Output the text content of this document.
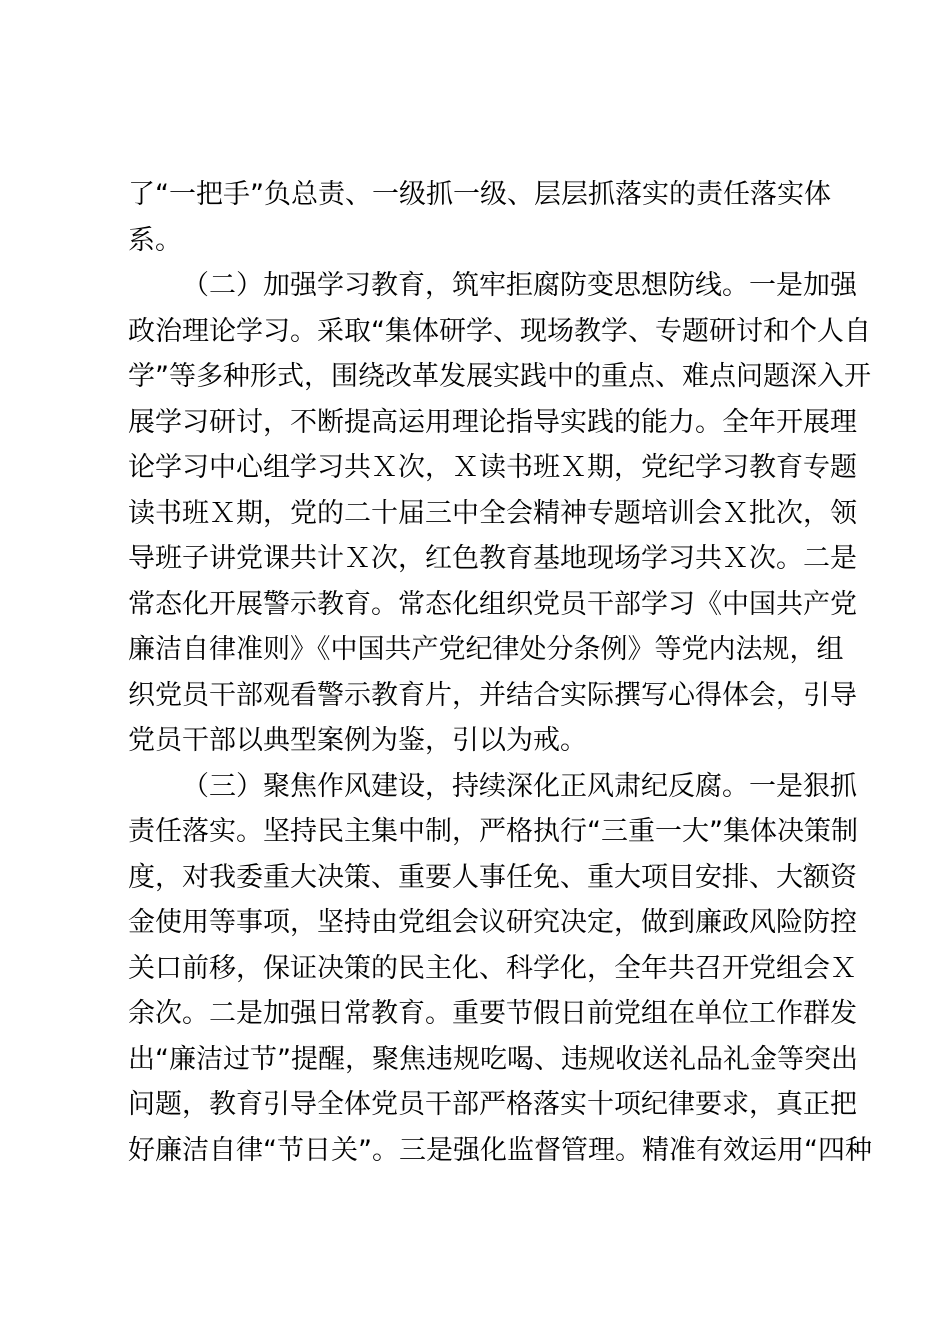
了“一把手”负总责、一级抓一级、层层抓落实的责任落实体
系。
（二）加强学习教育，筑牢拒腐防变思想防线。一是加强
政治理论学习。采取“集体研学、现场教学、专题研讨和个人自
学”等多种形式，围绕改革发展实践中的重点、难点问题深入开
展学习研讨，不断提高运用理论指导实践的能力。全年开展理
论学习中心组学习共Ｘ次，Ｘ读书班Ｘ期，党纪学习教育专题
读书班Ｘ期，党的二十届三中全会精神专题培训会Ｘ批次，领
导班子讲党课共计Ｘ次，红色教育基地现场学习共Ｘ次。二是
常态化开展警示教育。常态化组织党员干部学习《中国共产党
廉洁自律准则》《中国共产党纪律处分条例》等党内法规，组
织党员干部观看警示教育片，并结合实际撰写心得体会，引导
党员干部以典型案例为鉴，引以为戒。
（三）聚焦作风建设，持续深化正风肃纪反腐。一是狠抓
责任落实。坚持民主集中制，严格执行“三重一大”集体决策制
度，对我委重大决策、重要人事任免、重大项目安排、大额资
金使用等事项，坚持由党组会议研究决定，做到廉政风险防控
关口前移，保证决策的民主化、科学化，全年共召开党组会Ｘ
余次。二是加强日常教育。重要节假日前党组在单位工作群发
出“廉洁过节”提醒，聚焦违规吃喝、违规收送礼品礼金等突出
问题，教育引导全体党员干部严格落实十项纪律要求，真正把
好廉洁自律“节日关”。三是强化监督管理。精准有效运用“四种
